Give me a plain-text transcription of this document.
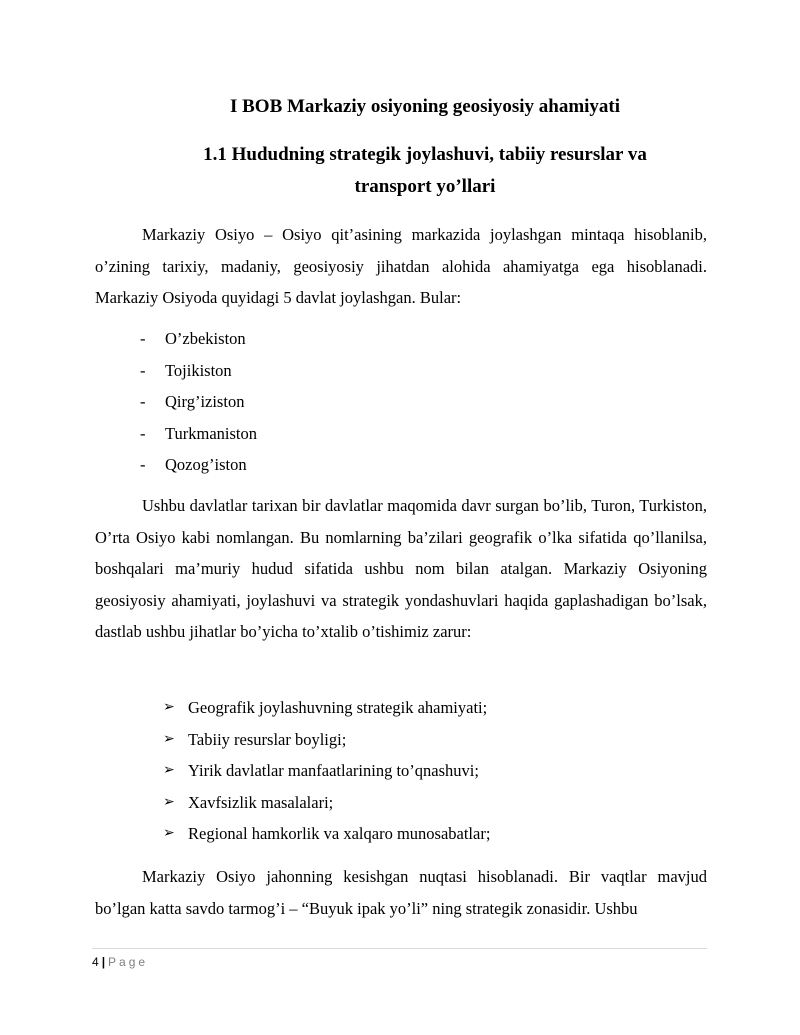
I BOB Markaziy osiyoning geosiyosiy ahamiyati
1.1 Hududning strategik joylashuvi, tabiiy resurslar va
transport yo’llari

Markaziy Osiyo – Osiyo qit’asining markazida joylashgan mintaqa hisoblanib, o’zining tarixiy, madaniy, geosiyosiy jihatdan alohida ahamiyatga ega hisoblanadi. Markaziy Osiyoda quyidagi 5 davlat joylashgan. Bular:

-	O’zbekiston
-	Tojikiston
-	Qirg’iziston
-	Turkmaniston
-	Qozog’iston

Ushbu davlatlar tarixan bir davlatlar maqomida davr surgan bo’lib, Turon, Turkiston, O’rta Osiyo kabi nomlangan. Bu nomlarning ba’zilari geografik o’lka sifatida qo’llanilsa, boshqalari ma’muriy hudud sifatida ushbu nom bilan atalgan. Markaziy Osiyoning geosiyosiy ahamiyati, joylashuvi va strategik yondashuvlari haqida gaplashadigan bo’lsak, dastlab ushbu jihatlar bo’yicha to’xtalib o’tishimiz zarur:

➢ Geografik joylashuvning strategik ahamiyati;
➢ Tabiiy resurslar boyligi;
➢ Yirik davlatlar manfaatlarining to’qnashuvi;
➢ Xavfsizlik masalalari;
➢ Regional hamkorlik va xalqaro munosabatlar;

Markaziy Osiyo jahonning kesishgan nuqtasi hisoblanadi. Bir vaqtlar mavjud bo’lgan katta savdo tarmog’i – “Buyuk ipak yo’li” ning strategik zonasidir. Ushbu

4 | Page
